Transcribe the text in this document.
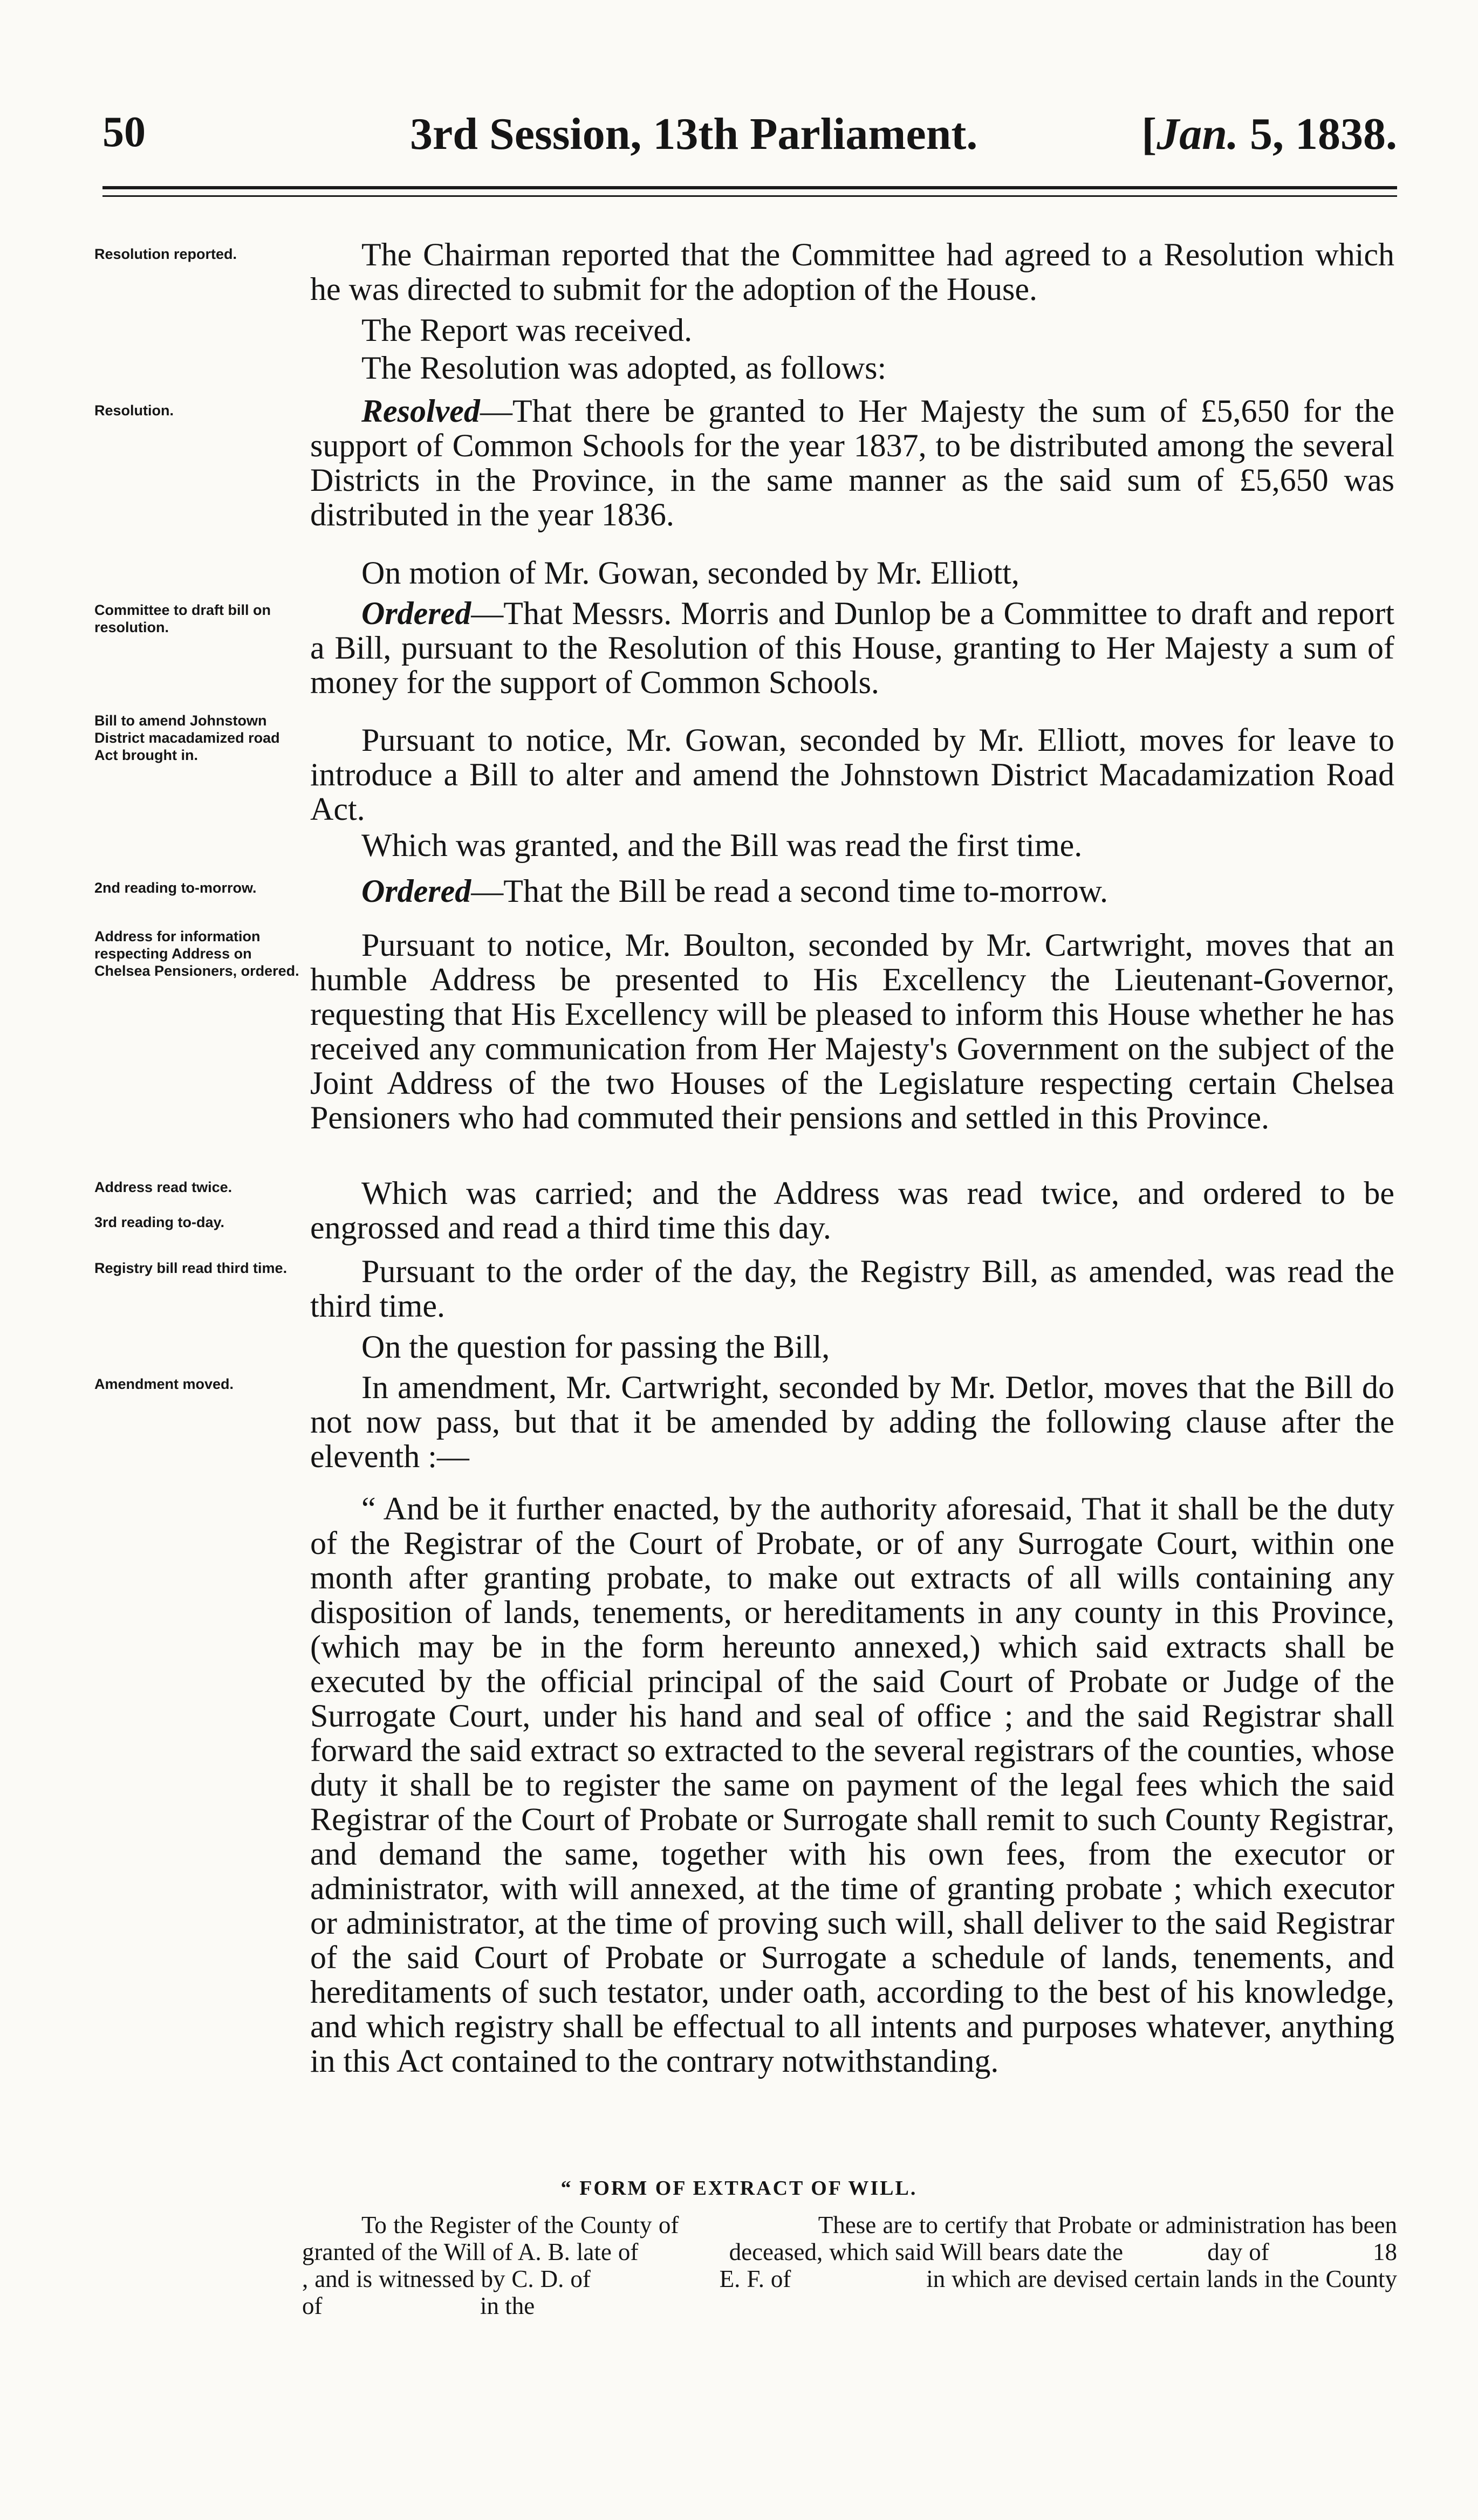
50	3rd Session, 13th Parliament.	[Jan. 5, 1838.
Resolution reported.
Resolution.
Committee to draft bill on resolution.
Bill to amend Johnstown District macadamized road Act brought in.
2nd reading to-morrow.
Address for information respecting Address on Chelsea Pensioners, ordered.
Address read twice.
3rd reading to-day.
Registry bill read third time.
Amendment moved.
The Chairman reported that the Committee had agreed to a Resolution which he was directed to submit for the adoption of the House.
The Report was received.
The Resolution was adopted, as follows:
Resolved—That there be granted to Her Majesty the sum of £5,650 for the support of Common Schools for the year 1837, to be distributed among the several Districts in the Province, in the same manner as the said sum of £5,650 was distributed in the year 1836.
On motion of Mr. Gowan, seconded by Mr. Elliott,
Ordered—That Messrs. Morris and Dunlop be a Committee to draft and report a Bill, pursuant to the Resolution of this House, granting to Her Majesty a sum of money for the support of Common Schools.
Pursuant to notice, Mr. Gowan, seconded by Mr. Elliott, moves for leave to introduce a Bill to alter and amend the Johnstown District Macadamization Road Act.
Which was granted, and the Bill was read the first time.
Ordered—That the Bill be read a second time to-morrow.
Pursuant to notice, Mr. Boulton, seconded by Mr. Cartwright, moves that an humble Address be presented to His Excellency the Lieutenant-Governor, requesting that His Excellency will be pleased to inform this House whether he has received any communication from Her Majesty's Government on the subject of the Joint Address of the two Houses of the Legislature respecting certain Chelsea Pensioners who had commuted their pensions and settled in this Province.
Which was carried; and the Address was read twice, and ordered to be engrossed and read a third time this day.
Pursuant to the order of the day, the Registry Bill, as amended, was read the third time.
On the question for passing the Bill,
In amendment, Mr. Cartwright, seconded by Mr. Detlor, moves that the Bill do not now pass, but that it be amended by adding the following clause after the eleventh :—
“ And be it further enacted, by the authority aforesaid, That it shall be the duty of the Registrar of the Court of Probate, or of any Surrogate Court, within one month after granting probate, to make out extracts of all wills containing any disposition of lands, tenements, or hereditaments in any county in this Province, (which may be in the form hereunto annexed,) which said extracts shall be executed by the official principal of the said Court of Probate or Judge of the Surrogate Court, under his hand and seal of office ; and the said Registrar shall forward the said extract so extracted to the several registrars of the counties, whose duty it shall be to register the same on payment of the legal fees which the said Registrar of the Court of Probate or Surrogate shall remit to such County Registrar, and demand the same, together with his own fees, from the executor or administrator, with will annexed, at the time of granting probate ; which executor or administrator, at the time of proving such will, shall deliver to the said Registrar of the said Court of Probate or Surrogate a schedule of lands, tenements, and hereditaments of such testator, under oath, according to the best of his knowledge, and which registry shall be effectual to all intents and purposes whatever, anything in this Act contained to the contrary notwithstanding.
“ FORM OF EXTRACT OF WILL.
To the Register of the County of                     These are to certify that Probate or administration has been granted of the Will of A. B. late of              deceased, which said Will bears date the             day of                18      , and is witnessed by C. D. of                    E. F. of                     in which are devised certain lands in the County of                          in the
